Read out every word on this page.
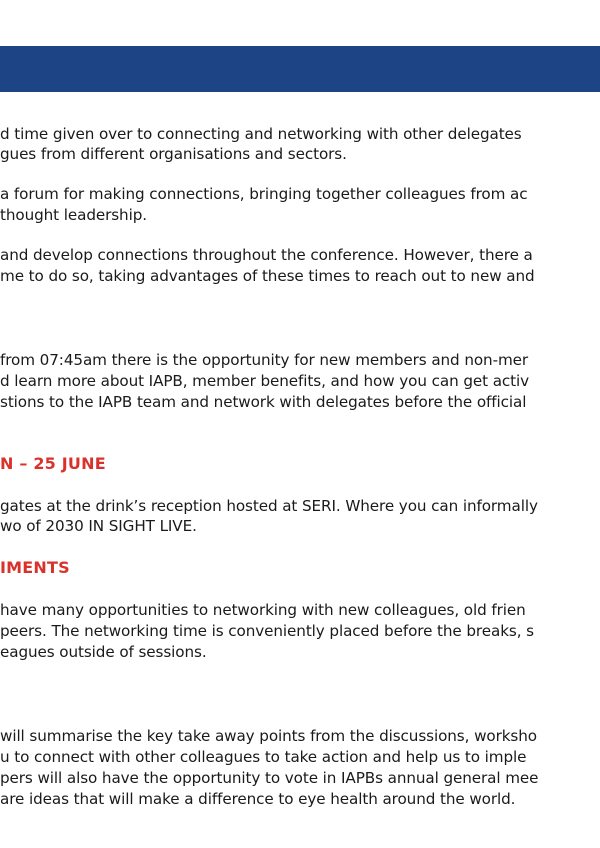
d time given over to connecting and networking with other delegates
gues from different organisations and sectors.
a forum for making connections, bringing together colleagues from ac
thought leadership.
and develop connections throughout the conference. However, there a
me to do so, taking advantages of these times to reach out to new and
from 07:45am there is the opportunity for new members and non-mer
d learn more about IAPB, member benefits, and how you can get activ
stions to the IAPB team and network with delegates before the official
N – 25 JUNE
gates at the drink’s reception hosted at SERI. Where you can informally
wo of 2030 IN SIGHT LIVE.
IMENTS
have many opportunities to networking with new colleagues, old frien
peers. The networking time is conveniently placed before the breaks, s
eagues outside of sessions.
will summarise the key take away points from the discussions, worksho
u to connect with other colleagues to take action and help us to imple
pers will also have the opportunity to vote in IAPBs annual general mee
are ideas that will make a difference to eye health around the world.
